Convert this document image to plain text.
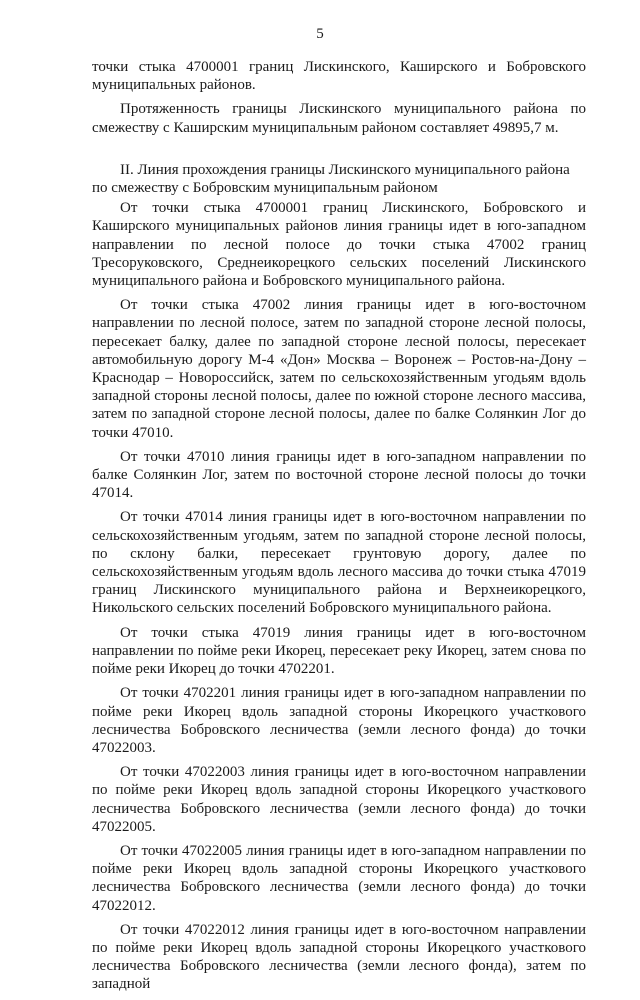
5

точки стыка 4700001 границ Лискинского, Каширского и Бобровского муниципальных районов.

Протяженность границы Лискинского муниципального района по смежеству с Каширским муниципальным районом составляет 49895,7 м.

II. Линия прохождения границы Лискинского муниципального района по смежеству с Бобровским муниципальным районом

От точки стыка 4700001 границ Лискинского, Бобровского и Каширского муниципальных районов линия границы идет в юго-западном направлении по лесной полосе до точки стыка 47002 границ Тресоруковского, Среднеикорецкого сельских поселений Лискинского муниципального района и Бобровского муниципального района.

От точки стыка 47002 линия границы идет в юго-восточном направлении по лесной полосе, затем по западной стороне лесной полосы, пересекает балку, далее по западной стороне лесной полосы, пересекает автомобильную дорогу М-4 «Дон» Москва – Воронеж – Ростов-на-Дону – Краснодар – Новороссийск, затем по сельскохозяйственным угодьям вдоль западной стороны лесной полосы, далее по южной стороне лесного массива, затем по западной стороне лесной полосы, далее по балке Солянкин Лог до точки 47010.

От точки 47010 линия границы идет в юго-западном направлении по балке Солянкин Лог, затем по восточной стороне лесной полосы до точки 47014.

От точки 47014 линия границы идет в юго-восточном направлении по сельскохозяйственным угодьям, затем по западной стороне лесной полосы, по склону балки, пересекает грунтовую дорогу, далее по сельскохозяйственным угодьям вдоль лесного массива до точки стыка 47019 границ Лискинского муниципального района и Верхнеикорецкого, Никольского сельских поселений Бобровского муниципального района.

От точки стыка 47019 линия границы идет в юго-восточном направлении по пойме реки Икорец, пересекает реку Икорец, затем снова по пойме реки Икорец до точки 4702201.

От точки 4702201 линия границы идет в юго-западном направлении по пойме реки Икорец вдоль западной стороны Икорецкого участкового лесничества Бобровского лесничества (земли лесного фонда) до точки 47022003.

От точки 47022003 линия границы идет в юго-восточном направлении по пойме реки Икорец вдоль западной стороны Икорецкого участкового лесничества Бобровского лесничества (земли лесного фонда) до точки 47022005.

От точки 47022005 линия границы идет в юго-западном направлении по пойме реки Икорец вдоль западной стороны Икорецкого участкового лесничества Бобровского лесничества (земли лесного фонда) до точки 47022012.

От точки 47022012 линия границы идет в юго-восточном направлении по пойме реки Икорец вдоль западной стороны Икорецкого участкового лесничества Бобровского лесничества (земли лесного фонда), затем по западной
